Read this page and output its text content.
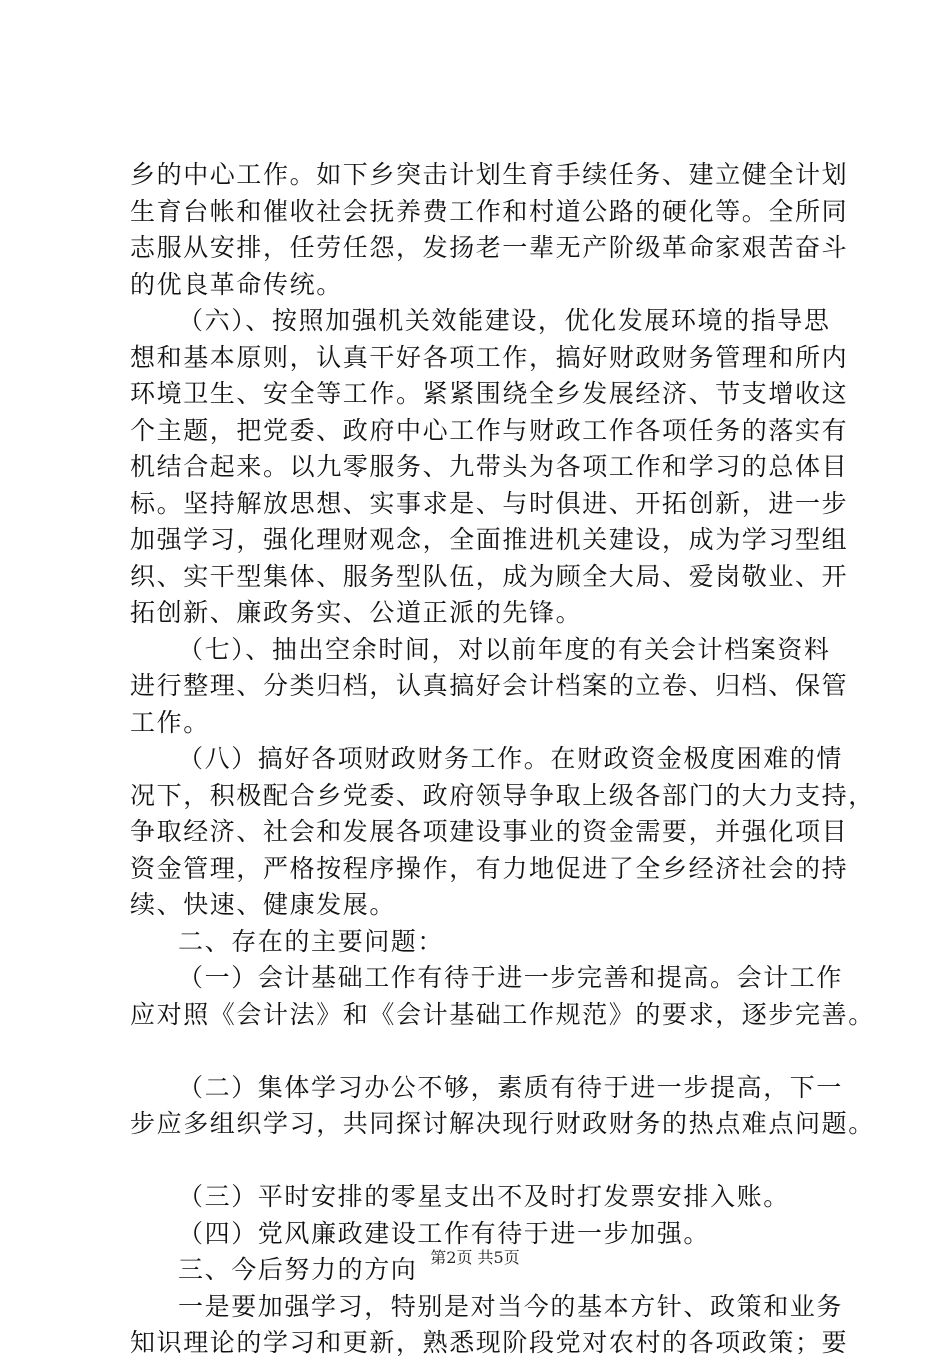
乡的中心工作。如下乡突击计划生育手续任务、建立健全计划
生育台帐和催收社会抚养费工作和村道公路的硬化等。全所同
志服从安排，任劳任怨，发扬老一辈无产阶级革命家艰苦奋斗
的优良革命传统。
（六）、按照加强机关效能建设，优化发展环境的指导思
想和基本原则，认真干好各项工作，搞好财政财务管理和所内
环境卫生、安全等工作。紧紧围绕全乡发展经济、节支增收这
个主题，把党委、政府中心工作与财政工作各项任务的落实有
机结合起来。以九零服务、九带头为各项工作和学习的总体目
标。坚持解放思想、实事求是、与时俱进、开拓创新，进一步
加强学习，强化理财观念，全面推进机关建设，成为学习型组
织、实干型集体、服务型队伍，成为顾全大局、爱岗敬业、开
拓创新、廉政务实、公道正派的先锋。
（七）、抽出空余时间，对以前年度的有关会计档案资料
进行整理、分类归档，认真搞好会计档案的立卷、归档、保管
工作。
（八）搞好各项财政财务工作。在财政资金极度困难的情
况下，积极配合乡党委、政府领导争取上级各部门的大力支持，
争取经济、社会和发展各项建设事业的资金需要，并强化项目
资金管理，严格按程序操作，有力地促进了全乡经济社会的持
续、快速、健康发展。
二、存在的主要问题：
（一）会计基础工作有待于进一步完善和提高。会计工作
应对照《会计法》和《会计基础工作规范》的要求，逐步完善。
（二）集体学习办公不够，素质有待于进一步提高，下一
步应多组织学习，共同探讨解决现行财政财务的热点难点问题。
（三）平时安排的零星支出不及时打发票安排入账。
（四）党风廉政建设工作有待于进一步加强。
三、今后努力的方向
一是要加强学习，特别是对当今的基本方针、政策和业务
知识理论的学习和更新，熟悉现阶段党对农村的各项政策；要
第2页 共5页
